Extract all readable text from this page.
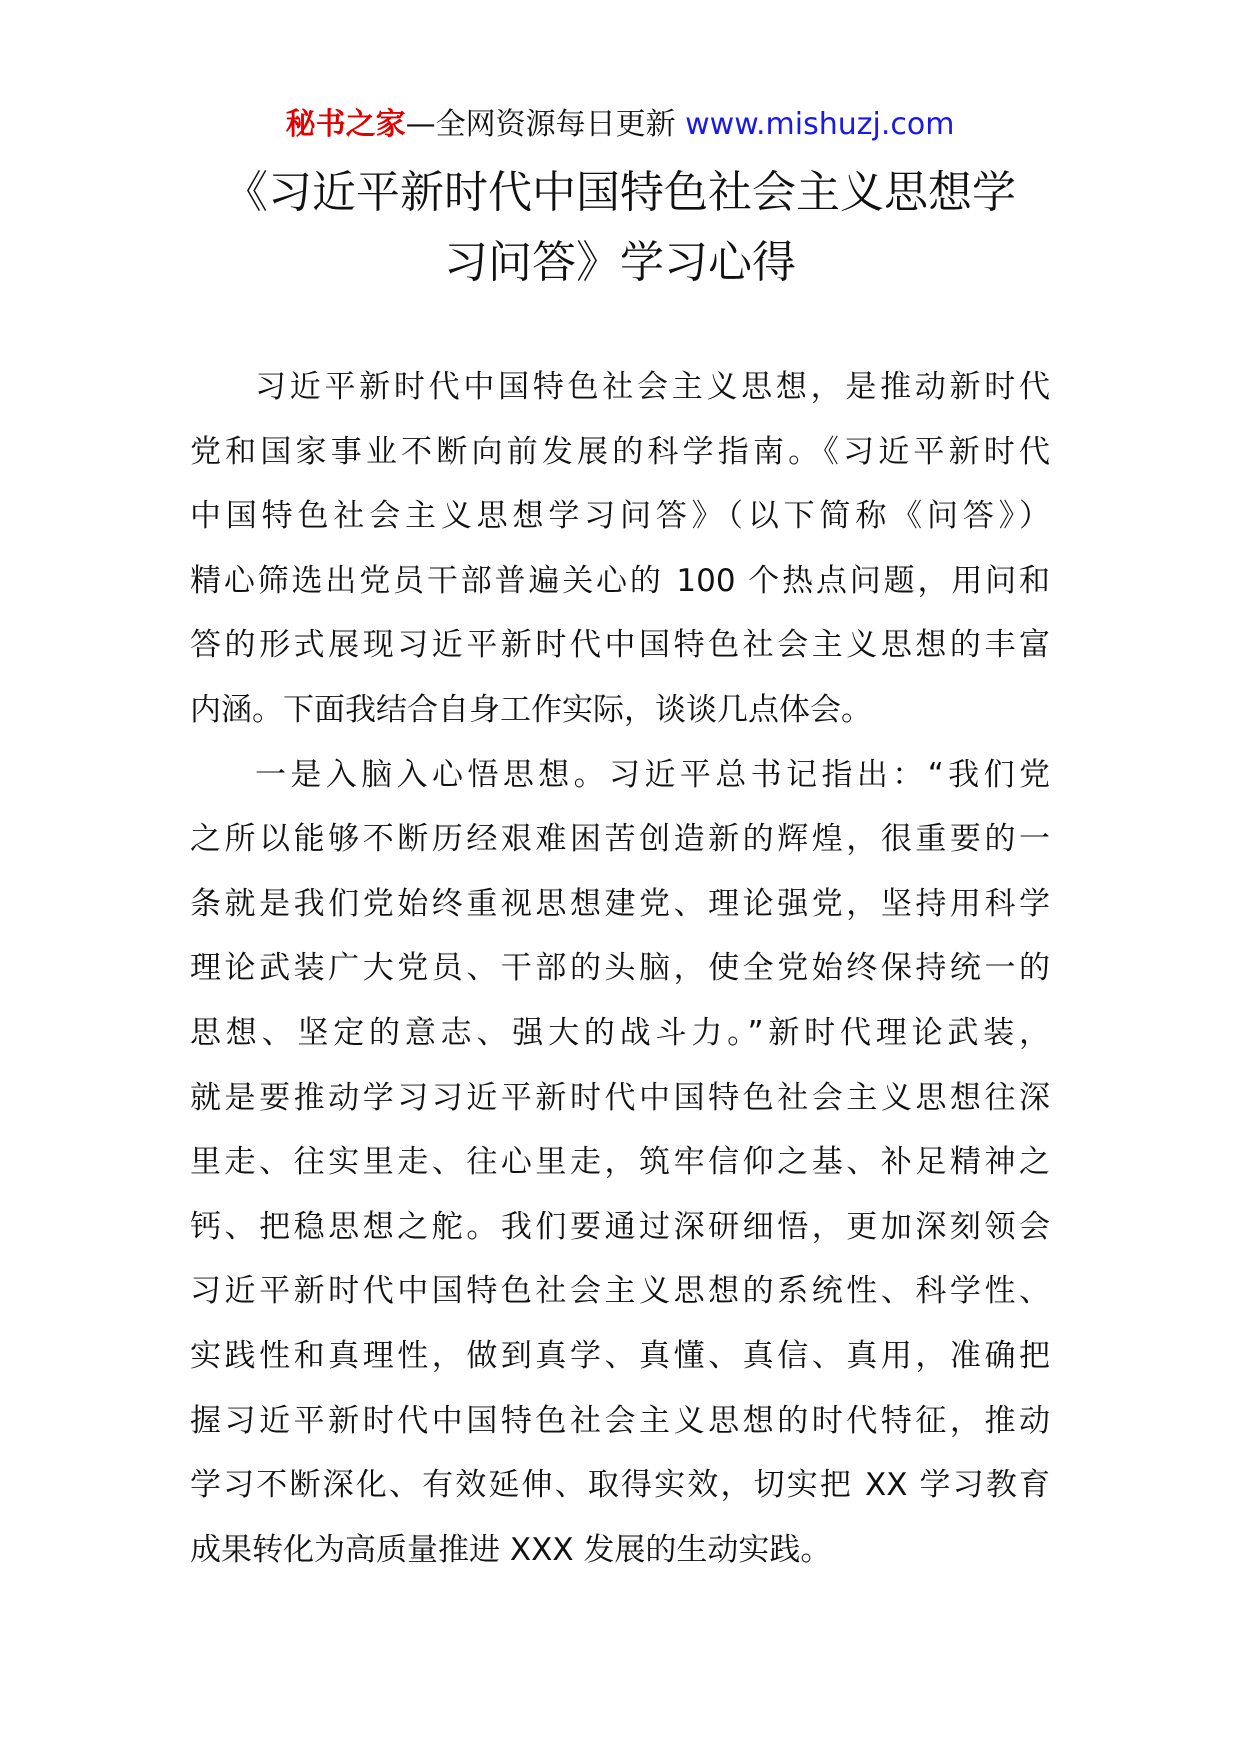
秘书之家—全网资源每日更新 www.mishuzj.com
《习近平新时代中国特色社会主义思想学
习问答》学习心得
习近平新时代中国特色社会主义思想，是推动新时代
党和国家事业不断向前发展的科学指南。《习近平新时代
中国特色社会主义思想学习问答》（以下简称《问答》）
精心筛选出党员干部普遍关心的 100 个热点问题，用问和
答的形式展现习近平新时代中国特色社会主义思想的丰富
内涵。下面我结合自身工作实际，谈谈几点体会。
一是入脑入心悟思想。习近平总书记指出：“我们党
之所以能够不断历经艰难困苦创造新的辉煌，很重要的一
条就是我们党始终重视思想建党、理论强党，坚持用科学
理论武装广大党员、干部的头脑，使全党始终保持统一的
思想、坚定的意志、强大的战斗力。”新时代理论武装，
就是要推动学习习近平新时代中国特色社会主义思想往深
里走、往实里走、往心里走，筑牢信仰之基、补足精神之
钙、把稳思想之舵。我们要通过深研细悟，更加深刻领会
习近平新时代中国特色社会主义思想的系统性、科学性、
实践性和真理性，做到真学、真懂、真信、真用，准确把
握习近平新时代中国特色社会主义思想的时代特征，推动
学习不断深化、有效延伸、取得实效，切实把 XX 学习教育
成果转化为高质量推进 XXX 发展的生动实践。
